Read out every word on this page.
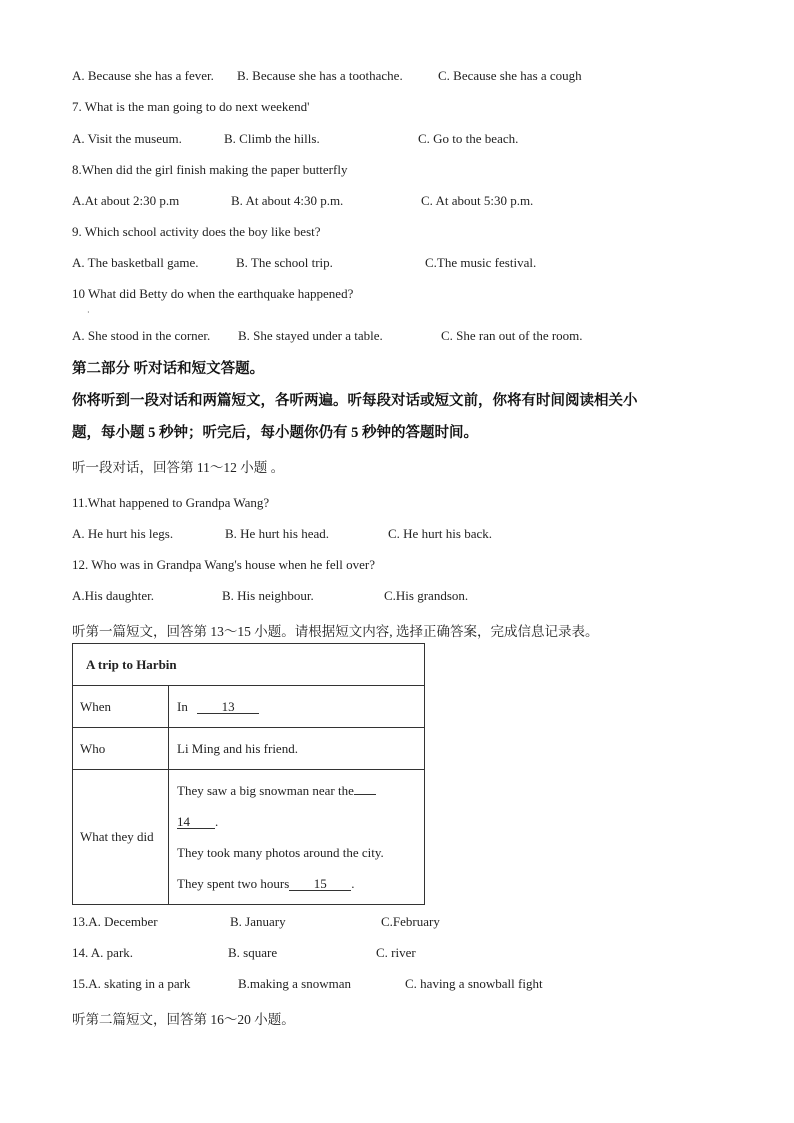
A. Because she has a fever. B. Because she has a toothache.	C. Because she has a cough
7. What is the man going to do next weekend'
A. Visit the museum.	B. Climb the hills.	C. Go to the beach.
8.When did the girl finish making the paper butterfly
A.At about 2:30 p.m	B. At about 4:30 p.m.	C. At about 5:30 p.m.
9. Which school activity does the boy like best?
A. The basketball game.	B. The school trip.	C.The music festival.
10 What did Betty do when the earthquake happened?
·
A. She stood in the corner. B. She stayed under a table.	C. She ran out of the room.
第二部分 听对话和短文答题。
你将听到一段对话和两篇短文，各听两遍。听每段对话或短文前，你将有时间阅读相关小
题，每小题 5 秒钟；听完后，每小题你仍有 5 秒钟的答题时间。
听一段对话，回答第 11～12 小题 。
11.What happened to Grandpa Wang?
A. He hurt his legs.	B. He hurt his head.	C. He hurt his back.
12. Who was in Grandpa Wang's house when he fell over?
A.His daughter.	B. His neighbour.	C.His grandson.
听第一篇短文，回答第 13～15 小题。请根据短文内容, 选择正确答案，完成信息记录表。
A trip to Harbin	
When	In 13
Who	Li Ming and his friend.
What they did	They saw a big snowman near the
14 .
They took many photos around the city.
They spent two hours 15 .
13.A. December	B. January	C.February
14. A. park.	B. square	C. river
15.A. skating in a park	B.making a snowman	C. having a snowball fight
听第二篇短文，回答第 16～20 小题。
